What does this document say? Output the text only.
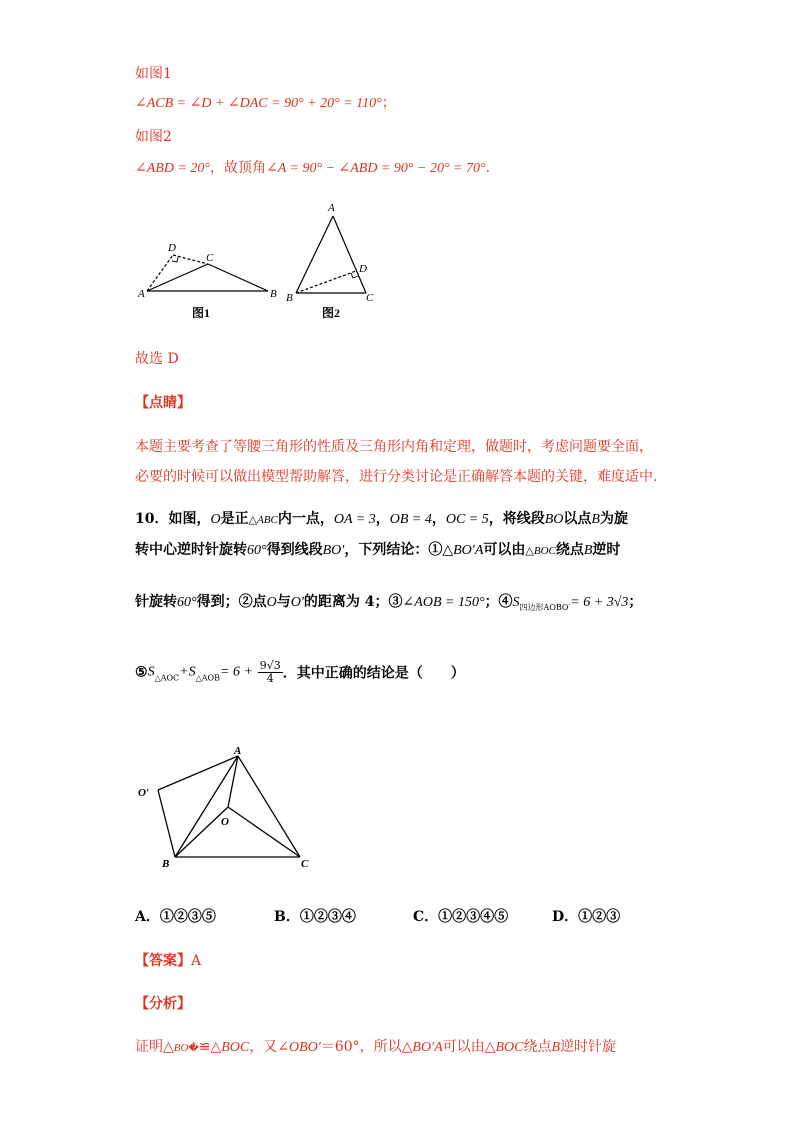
如图1
∠ACB = ∠D + ∠DAC = 90° + 20° = 110°；
如图2
∠ABD = 20°，故顶角∠A = 90° − ∠ABD = 90° − 20° = 70°.
D
C
A	B
图1
A
D
B	C
图2
故选 D
【点睛】
本题主要考查了等腰三角形的性质及三角形内角和定理，做题时，考虑问题要全面，
必要的时候可以做出模型帮助解答，进行分类讨论是正确解答本题的关键，难度适中.
10．如图，O是正△ABC内一点，OA = 3，OB = 4，OC = 5，将线段BO以点B为旋
转中心逆时针旋转60°得到线段BO′，下列结论：①△BO′A可以由△BOC绕点B逆时
针旋转60°得到；②点O与O′的距离为 4；③∠AOB = 150°；$④S_{四边形AOBO'}= 6 + 3√3$；
$⑤S_{\triangle AOC}+S_{\triangle AOB}= 6 + \frac{9√3}{4}$ ．其中正确的结论是（　　）
A
O′
O
B	C
A．①②③⑤	B．①②③④	C．①②③④⑤	D．①②③
【答案】A
【分析】
证明△BO�≌△BOC，又∠OBO′＝60°，所以△BO′A可以由△BOC绕点B逆时针旋
